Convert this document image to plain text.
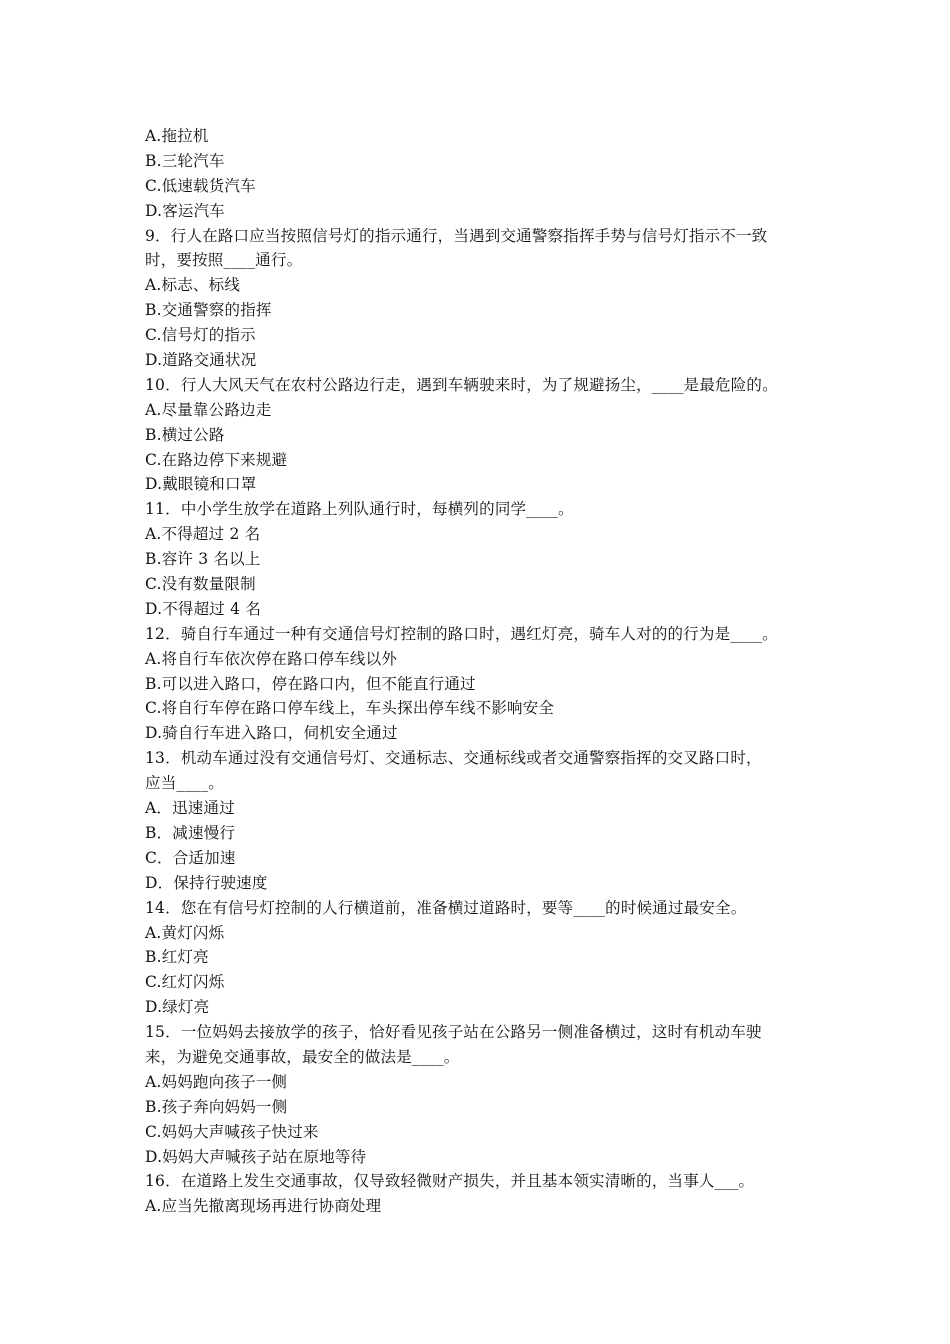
A.拖拉机
B.三轮汽车
C.低速载货汽车
D.客运汽车
9．行人在路口应当按照信号灯的指示通行，当遇到交通警察指挥手势与信号灯指示不一致
时，要按照____通行。
A.标志、标线
B.交通警察的指挥
C.信号灯的指示
D.道路交通状况
10．行人大风天气在农村公路边行走，遇到车辆驶来时，为了规避扬尘，____是最危险的。
A.尽量靠公路边走
B.横过公路
C.在路边停下来规避
D.戴眼镜和口罩
11．中小学生放学在道路上列队通行时，每横列的同学____。
A.不得超过 2 名
B.容许 3 名以上
C.没有数量限制
D.不得超过 4 名
12．骑自行车通过一种有交通信号灯控制的路口时，遇红灯亮，骑车人对的的行为是____。
A.将自行车依次停在路口停车线以外
B.可以进入路口，停在路口内，但不能直行通过
C.将自行车停在路口停车线上，车头探出停车线不影响安全
D.骑自行车进入路口，伺机安全通过
13．机动车通过没有交通信号灯、交通标志、交通标线或者交通警察指挥的交叉路口时，
应当____。
A．迅速通过
B．减速慢行
C．合适加速
D．保持行驶速度
14．您在有信号灯控制的人行横道前，准备横过道路时，要等____的时候通过最安全。
A.黄灯闪烁
B.红灯亮
C.红灯闪烁
D.绿灯亮
15．一位妈妈去接放学的孩子，恰好看见孩子站在公路另一侧准备横过，这时有机动车驶
来，为避免交通事故，最安全的做法是____。
A.妈妈跑向孩子一侧
B.孩子奔向妈妈一侧
C.妈妈大声喊孩子快过来
D.妈妈大声喊孩子站在原地等待
16．在道路上发生交通事故，仅导致轻微财产损失，并且基本领实清晰的，当事人___。
A.应当先撤离现场再进行协商处理
